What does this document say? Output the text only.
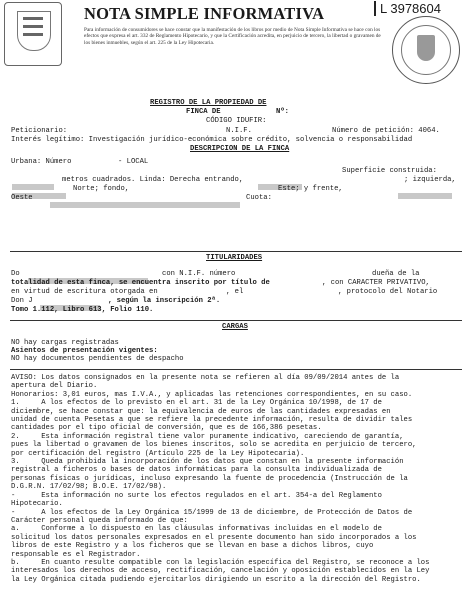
NOTA SIMPLE INFORMATIVA	L 3978604
Para información de consumidores se hace constar que la manifestación de los libros por medio de Nota Simple Informativa se hace con los efectos que expresa el art. 332 de Reglamento Hipotecario, y que la Certificación acredita, en perjuicio de tercero, la libertad o gravamen de los bienes inmuebles, según el art. 225 de la Ley Hipotecaria.
REGISTRO DE LA PROPIEDAD DE
FINCA DE	Nº:
CÓDIGO IDUFIR:
Peticionario:	N.I.F.	Número de petición: 4064.
Interés legítimo: Investigación jurídico-económica sobre crédito, solvencia o responsabilidad
DESCRIPCION DE LA FINCA
Urbana: Número	- LOCAL
Superficie construida:
metros cuadrados. Linda: Derecha entrando,	; izquierda,
Norte; fondo,	Este; y frente,
Oeste	Cuota:
TITULARIDADES
Do	con N.I.F. número	dueña de la
totalidad de esta finca, se encuentra inscrito por título de	, con CARACTER PRIVATIVO,
en virtud de escritura otorgada en	, el	, protocolo del Notario
Don J	, según la inscripción 2ª.
Tomo 1.112, Libro 613, Folio 110.
CARGAS
NO hay cargas registradas
Asientos de presentación vigentes:
NO hay documentos pendientes de despacho
AVISO: Los datos consignados en la presente nota se refieren al día 09/09/2014 antes de la
apertura del Diario.
Honorarios: 3,01 euros, mas I.V.A., y aplicadas las retenciones correspondientes, en su caso.
1.     A los efectos de lo previsto en el art. 31 de la Ley Orgánica 10/1998, de 17 de
diciembre, se hace constar que: la equivalencia de euros de las cantidades expresadas en
unidad de cuenta Pesetas a que se refiere la precedente información, resulta de dividir tales
cantidades por el tipo oficial de conversión, que es de 166,386 pesetas.
2.     Esta información registral tiene valor puramente indicativo, careciendo de garantía,
pues la libertad o gravamen de los bienes inscritos, solo se acredita en perjuicio de tercero,
por certificación del registro (Artículo 225 de la Ley Hipotecaria).
3.     Queda prohibida la incorporación de los datos que constan en la presente información
registral a ficheros o bases de datos informáticas para la consulta individualizada de
personas físicas o jurídicas, incluso expresando la fuente de procedencia (Instrucción de la
D.G.R.N. 17/02/98; B.O.E. 17/02/98).
-      Esta información no surte los efectos regulados en el art. 354-a del Reglamento
Hipotecario.
-      A los efectos de la Ley Orgánica 15/1999 de 13 de diciembre, de Protección de Datos de
Carácter personal queda informado de que:
a.     Conforme a lo dispuesto en las cláusulas informativas incluidas en el modelo de
solicitud los datos personales expresados en el presente documento han sido incorporados a los
libros de este Registro y a los ficheros que se llevan en base a dichos libros, cuyo
responsable es el Registrador.
b.     En cuanto resulte compatible con la legislación específica del Registro, se reconoce a los
interesados los derechos de acceso, rectificación, cancelación y oposición establecidos en la Ley
la Ley Orgánica citada pudiendo ejercitarlos dirigiendo un escrito a la dirección del Registro.
